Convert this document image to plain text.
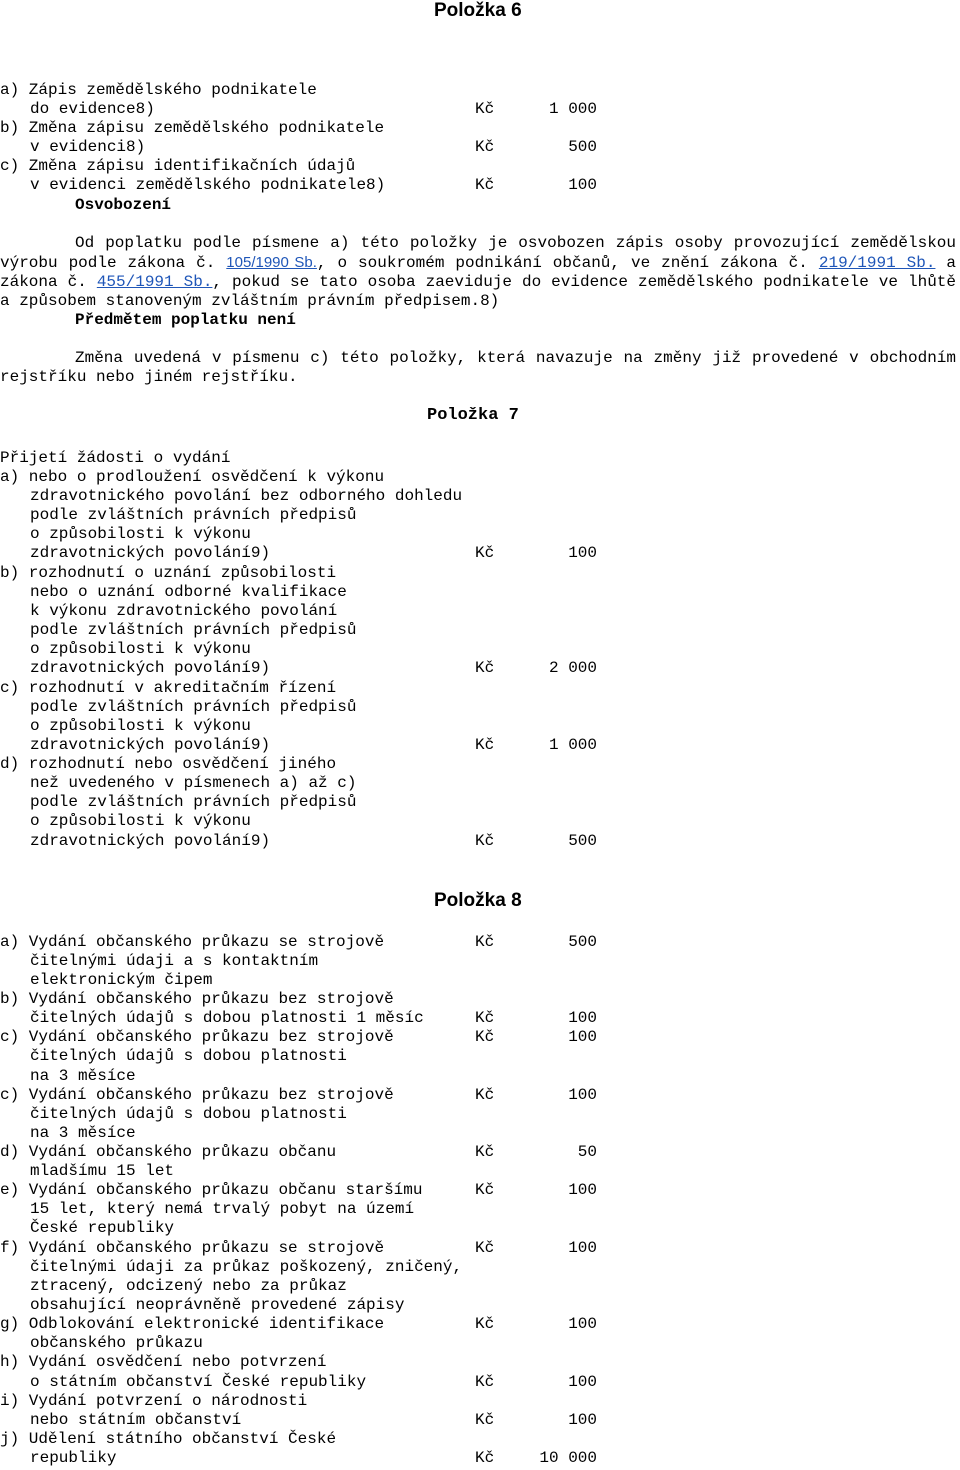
Položka 6
a) Zápis zemědělského podnikatele
do evidence8)	Kč	1 000
b) Změna zápisu zemědělského podnikatele
v evidenci8)	Kč	500
c) Změna zápisu identifikačních údajů
v evidenci zemědělského podnikatele8)	Kč	100
Osvobození
Od poplatku podle písmene a) této položky je osvobozen zápis osoby provozující zemědělskou výrobu podle zákona č. 105/1990 Sb., o soukromém podnikání občanů, ve znění zákona č. 219/1991 Sb. a zákona č. 455/1991 Sb., pokud se tato osoba zaeviduje do evidence zemědělského podnikatele ve lhůtě a způsobem stanoveným zvláštním právním předpisem.8)
Předmětem poplatku není
Změna uvedená v písmenu c) této položky, která navazuje na změny již provedené v obchodním rejstříku nebo jiném rejstříku.
Položka 7
Přijetí žádosti o vydání
a) nebo o prodloužení osvědčení k výkonu
zdravotnického povolání bez odborného dohledu
podle zvláštních právních předpisů
o způsobilosti k výkonu
zdravotnických povolání9)	Kč	100
b) rozhodnutí o uznání způsobilosti
nebo o uznání odborné kvalifikace
k výkonu zdravotnického povolání
podle zvláštních právních předpisů
o způsobilosti k výkonu
zdravotnických povolání9)	Kč	2 000
c) rozhodnutí v akreditačním řízení
podle zvláštních právních předpisů
o způsobilosti k výkonu
zdravotnických povolání9)	Kč	1 000
d) rozhodnutí nebo osvědčení jiného
než uvedeného v písmenech a) až c)
podle zvláštních právních předpisů
o způsobilosti k výkonu
zdravotnických povolání9)	Kč	500
Položka 8
a) Vydání občanského průkazu se strojově	Kč	500
čitelnými údaji a s kontaktním
elektronickým čipem
b) Vydání občanského průkazu bez strojově
čitelných údajů s dobou platnosti 1 měsíc	Kč	100
c) Vydání občanského průkazu bez strojově	Kč	100
čitelných údajů s dobou platnosti
na 3 měsíce
c) Vydání občanského průkazu bez strojově	Kč	100
čitelných údajů s dobou platnosti
na 3 měsíce
d) Vydání občanského průkazu občanu	Kč	50
mladšímu 15 let
e) Vydání občanského průkazu občanu staršímu	Kč	100
15 let, který nemá trvalý pobyt na území
České republiky
f) Vydání občanského průkazu se strojově	Kč	100
čitelnými údaji za průkaz poškozený, zničený,
ztracený, odcizený nebo za průkaz
obsahující neoprávněně provedené zápisy
g) Odblokování elektronické identifikace	Kč	100
občanského průkazu
h) Vydání osvědčení nebo potvrzení
o státním občanství České republiky	Kč	100
i) Vydání potvrzení o národnosti
nebo státním občanství	Kč	100
j) Udělení státního občanství České
republiky	Kč	10 000
